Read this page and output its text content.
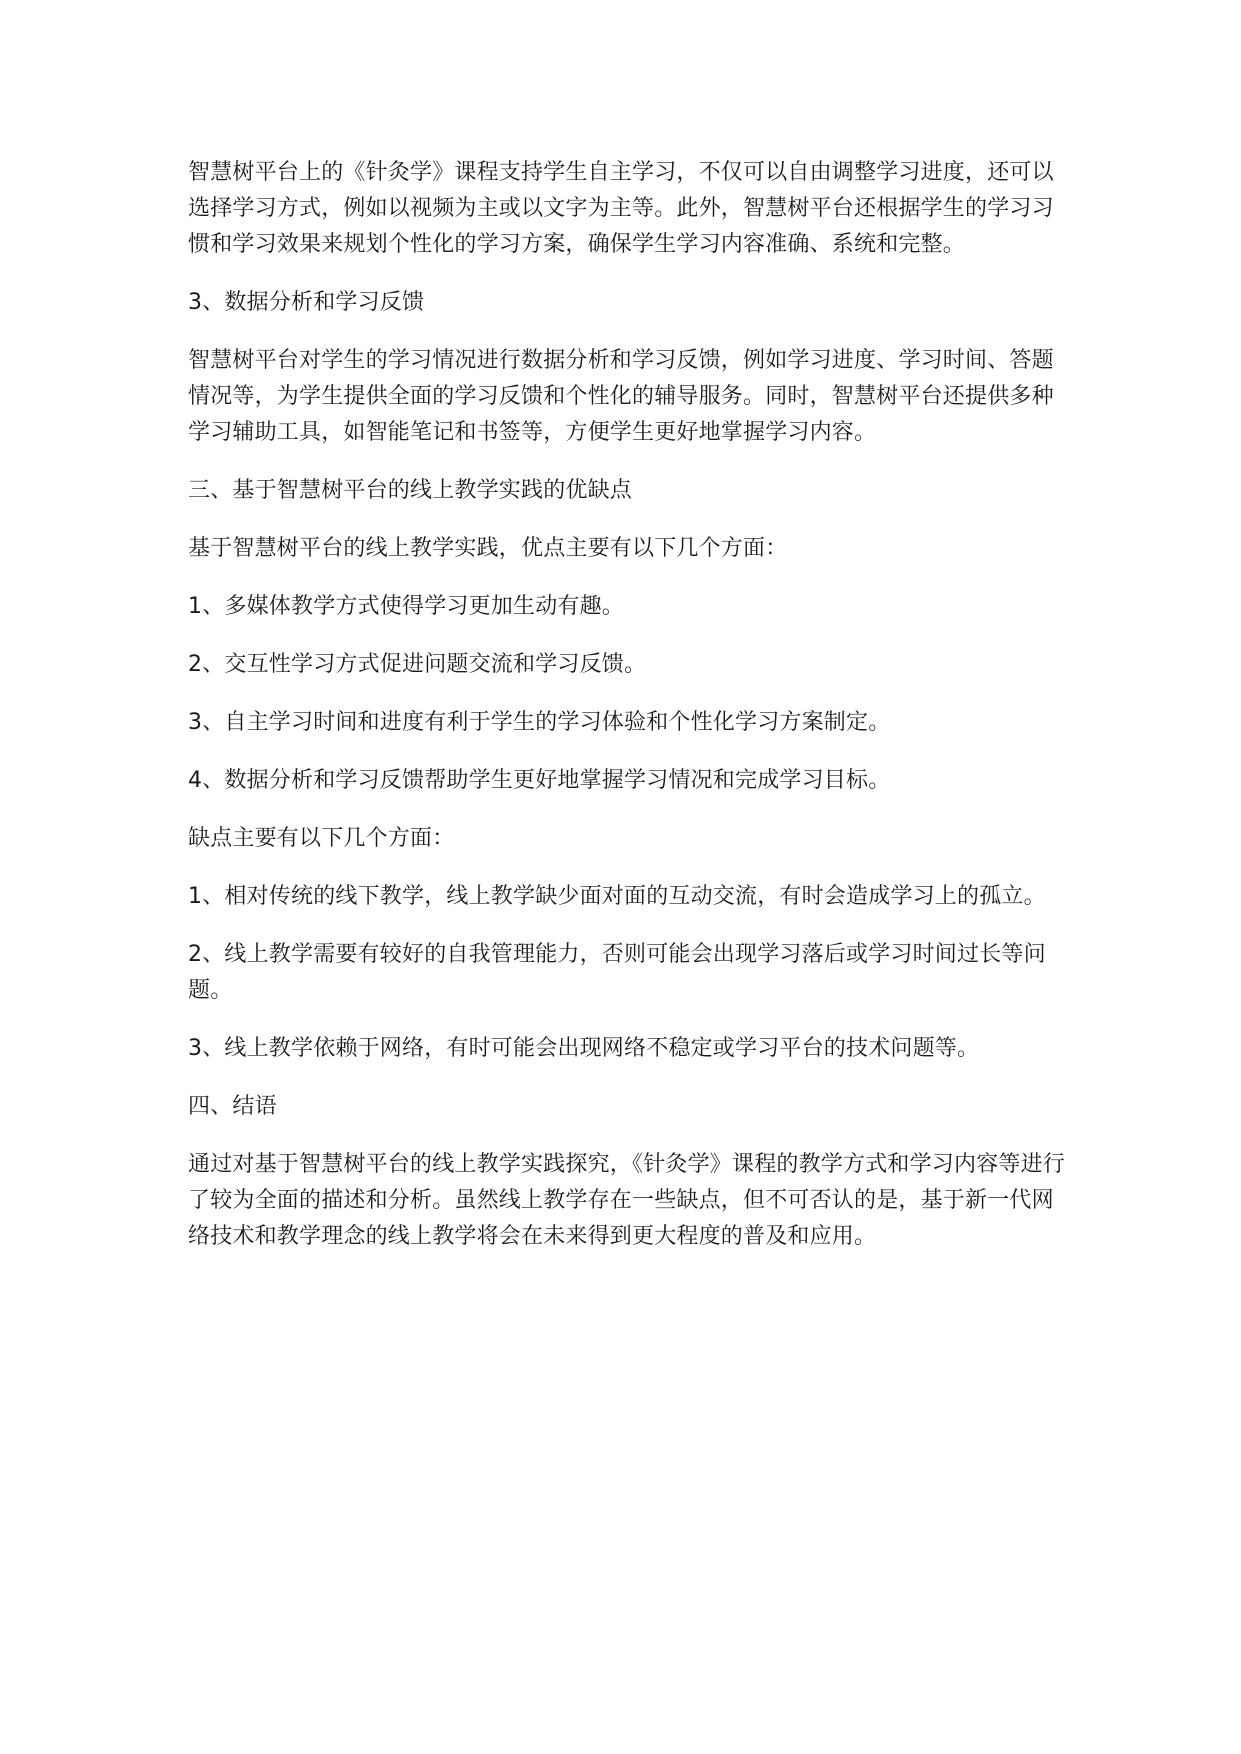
智慧树平台上的《针灸学》课程支持学生自主学习，不仅可以自由调整学习进度，还可以选择学习方式，例如以视频为主或以文字为主等。此外，智慧树平台还根据学生的学习习惯和学习效果来规划个性化的学习方案，确保学生学习内容准确、系统和完整。

3、数据分析和学习反馈

智慧树平台对学生的学习情况进行数据分析和学习反馈，例如学习进度、学习时间、答题情况等，为学生提供全面的学习反馈和个性化的辅导服务。同时，智慧树平台还提供多种学习辅助工具，如智能笔记和书签等，方便学生更好地掌握学习内容。

三、基于智慧树平台的线上教学实践的优缺点

基于智慧树平台的线上教学实践，优点主要有以下几个方面：

1、多媒体教学方式使得学习更加生动有趣。

2、交互性学习方式促进问题交流和学习反馈。

3、自主学习时间和进度有利于学生的学习体验和个性化学习方案制定。

4、数据分析和学习反馈帮助学生更好地掌握学习情况和完成学习目标。

缺点主要有以下几个方面：

1、相对传统的线下教学，线上教学缺少面对面的互动交流，有时会造成学习上的孤立。

2、线上教学需要有较好的自我管理能力，否则可能会出现学习落后或学习时间过长等问题。

3、线上教学依赖于网络，有时可能会出现网络不稳定或学习平台的技术问题等。

四、结语

通过对基于智慧树平台的线上教学实践探究，《针灸学》课程的教学方式和学习内容等进行了较为全面的描述和分析。虽然线上教学存在一些缺点，但不可否认的是，基于新一代网络技术和教学理念的线上教学将会在未来得到更大程度的普及和应用。
